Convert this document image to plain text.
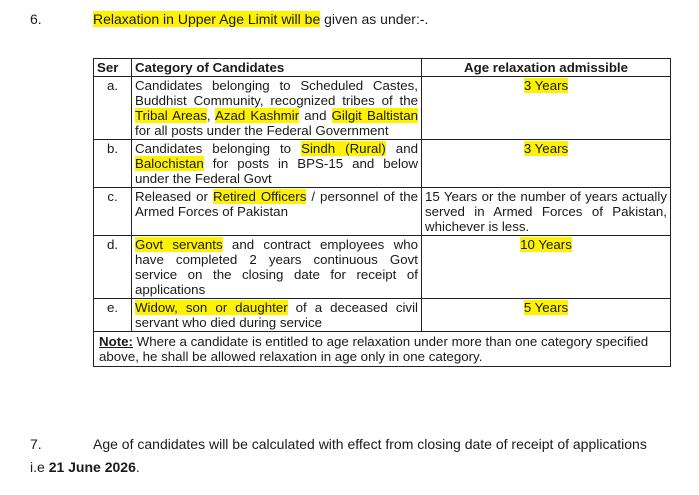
6.	Relaxation in Upper Age Limit will be given as under:-.
Ser	Category of Candidates	Age relaxation admissible
a.	Candidates belonging to Scheduled Castes, Buddhist Community, recognized tribes of the Tribal Areas, Azad Kashmir and Gilgit Baltistan for all posts under the Federal Government	3 Years
b.	Candidates belonging to Sindh (Rural) and Balochistan for posts in BPS-15 and below under the Federal Govt	3 Years
c.	Released or Retired Officers / personnel of the Armed Forces of Pakistan	15 Years or the number of years actually served in Armed Forces of Pakistan, whichever is less.
d.	Govt servants and contract employees who have completed 2 years continuous Govt service on the closing date for receipt of applications	10 Years
e.	Widow, son or daughter of a deceased civil servant who died during service	5 Years
Note: Where a candidate is entitled to age relaxation under more than one category specified above, he shall be allowed relaxation in age only in one category.		
7.	Age of candidates will be calculated with effect from closing date of receipt of applications
i.e 21 June 2026.
